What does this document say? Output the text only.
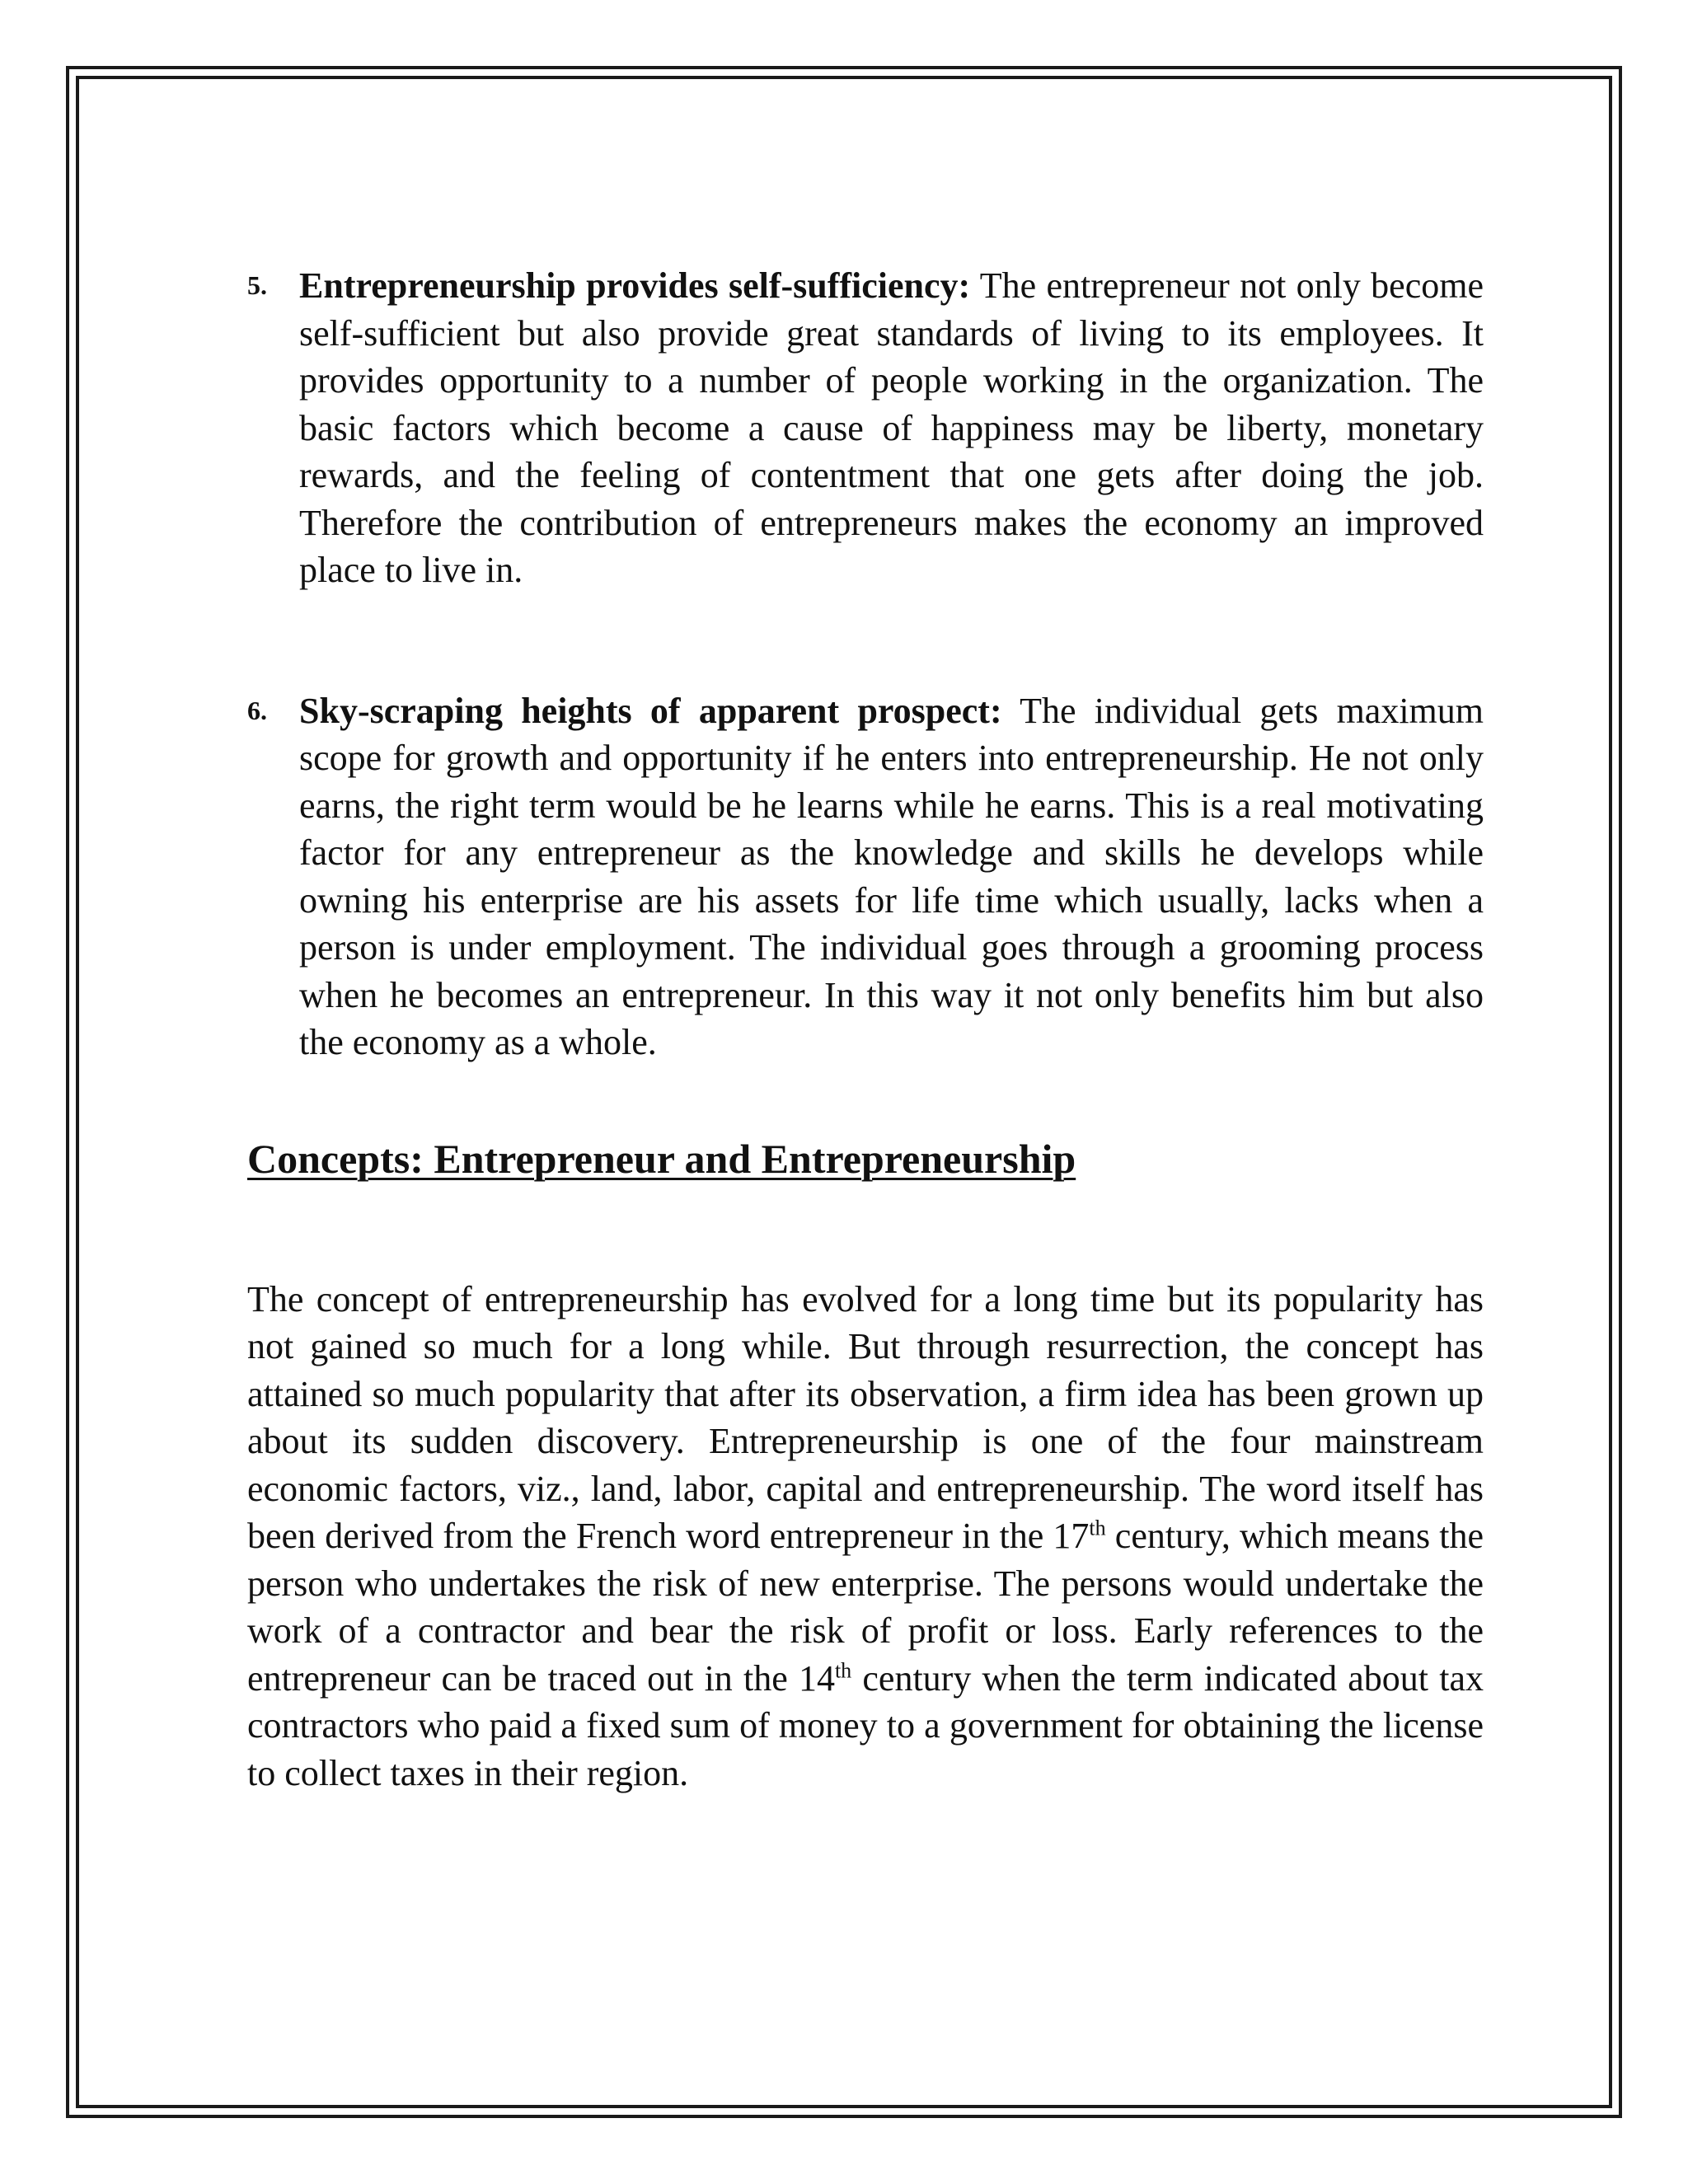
5. Entrepreneurship provides self-sufficiency: The entrepreneur not only become self-sufficient but also provide great standards of living to its employees. It provides opportunity to a number of people working in the organization. The basic factors which become a cause of happiness may be liberty, monetary rewards, and the feeling of contentment that one gets after doing the job. Therefore the contribution of entrepreneurs makes the economy an improved place to live in.
6. Sky-scraping heights of apparent prospect: The individual gets maximum scope for growth and opportunity if he enters into entrepreneurship. He not only earns, the right term would be he learns while he earns. This is a real motivating factor for any entrepreneur as the knowledge and skills he develops while owning his enterprise are his assets for life time which usually, lacks when a person is under employment. The individual goes through a grooming process when he becomes an entrepreneur. In this way it not only benefits him but also the economy as a whole.
Concepts: Entrepreneur and Entrepreneurship
The concept of entrepreneurship has evolved for a long time but its popularity has not gained so much for a long while. But through resurrection, the concept has attained so much popularity that after its observation, a firm idea has been grown up about its sudden discovery. Entrepreneurship is one of the four mainstream economic factors, viz., land, labor, capital and entrepreneurship. The word itself has been derived from the French word entrepreneur in the 17th century, which means the person who undertakes the risk of new enterprise. The persons would undertake the work of a contractor and bear the risk of profit or loss. Early references to the entrepreneur can be traced out in the 14th century when the term indicated about tax contractors who paid a fixed sum of money to a government for obtaining the license to collect taxes in their region.
